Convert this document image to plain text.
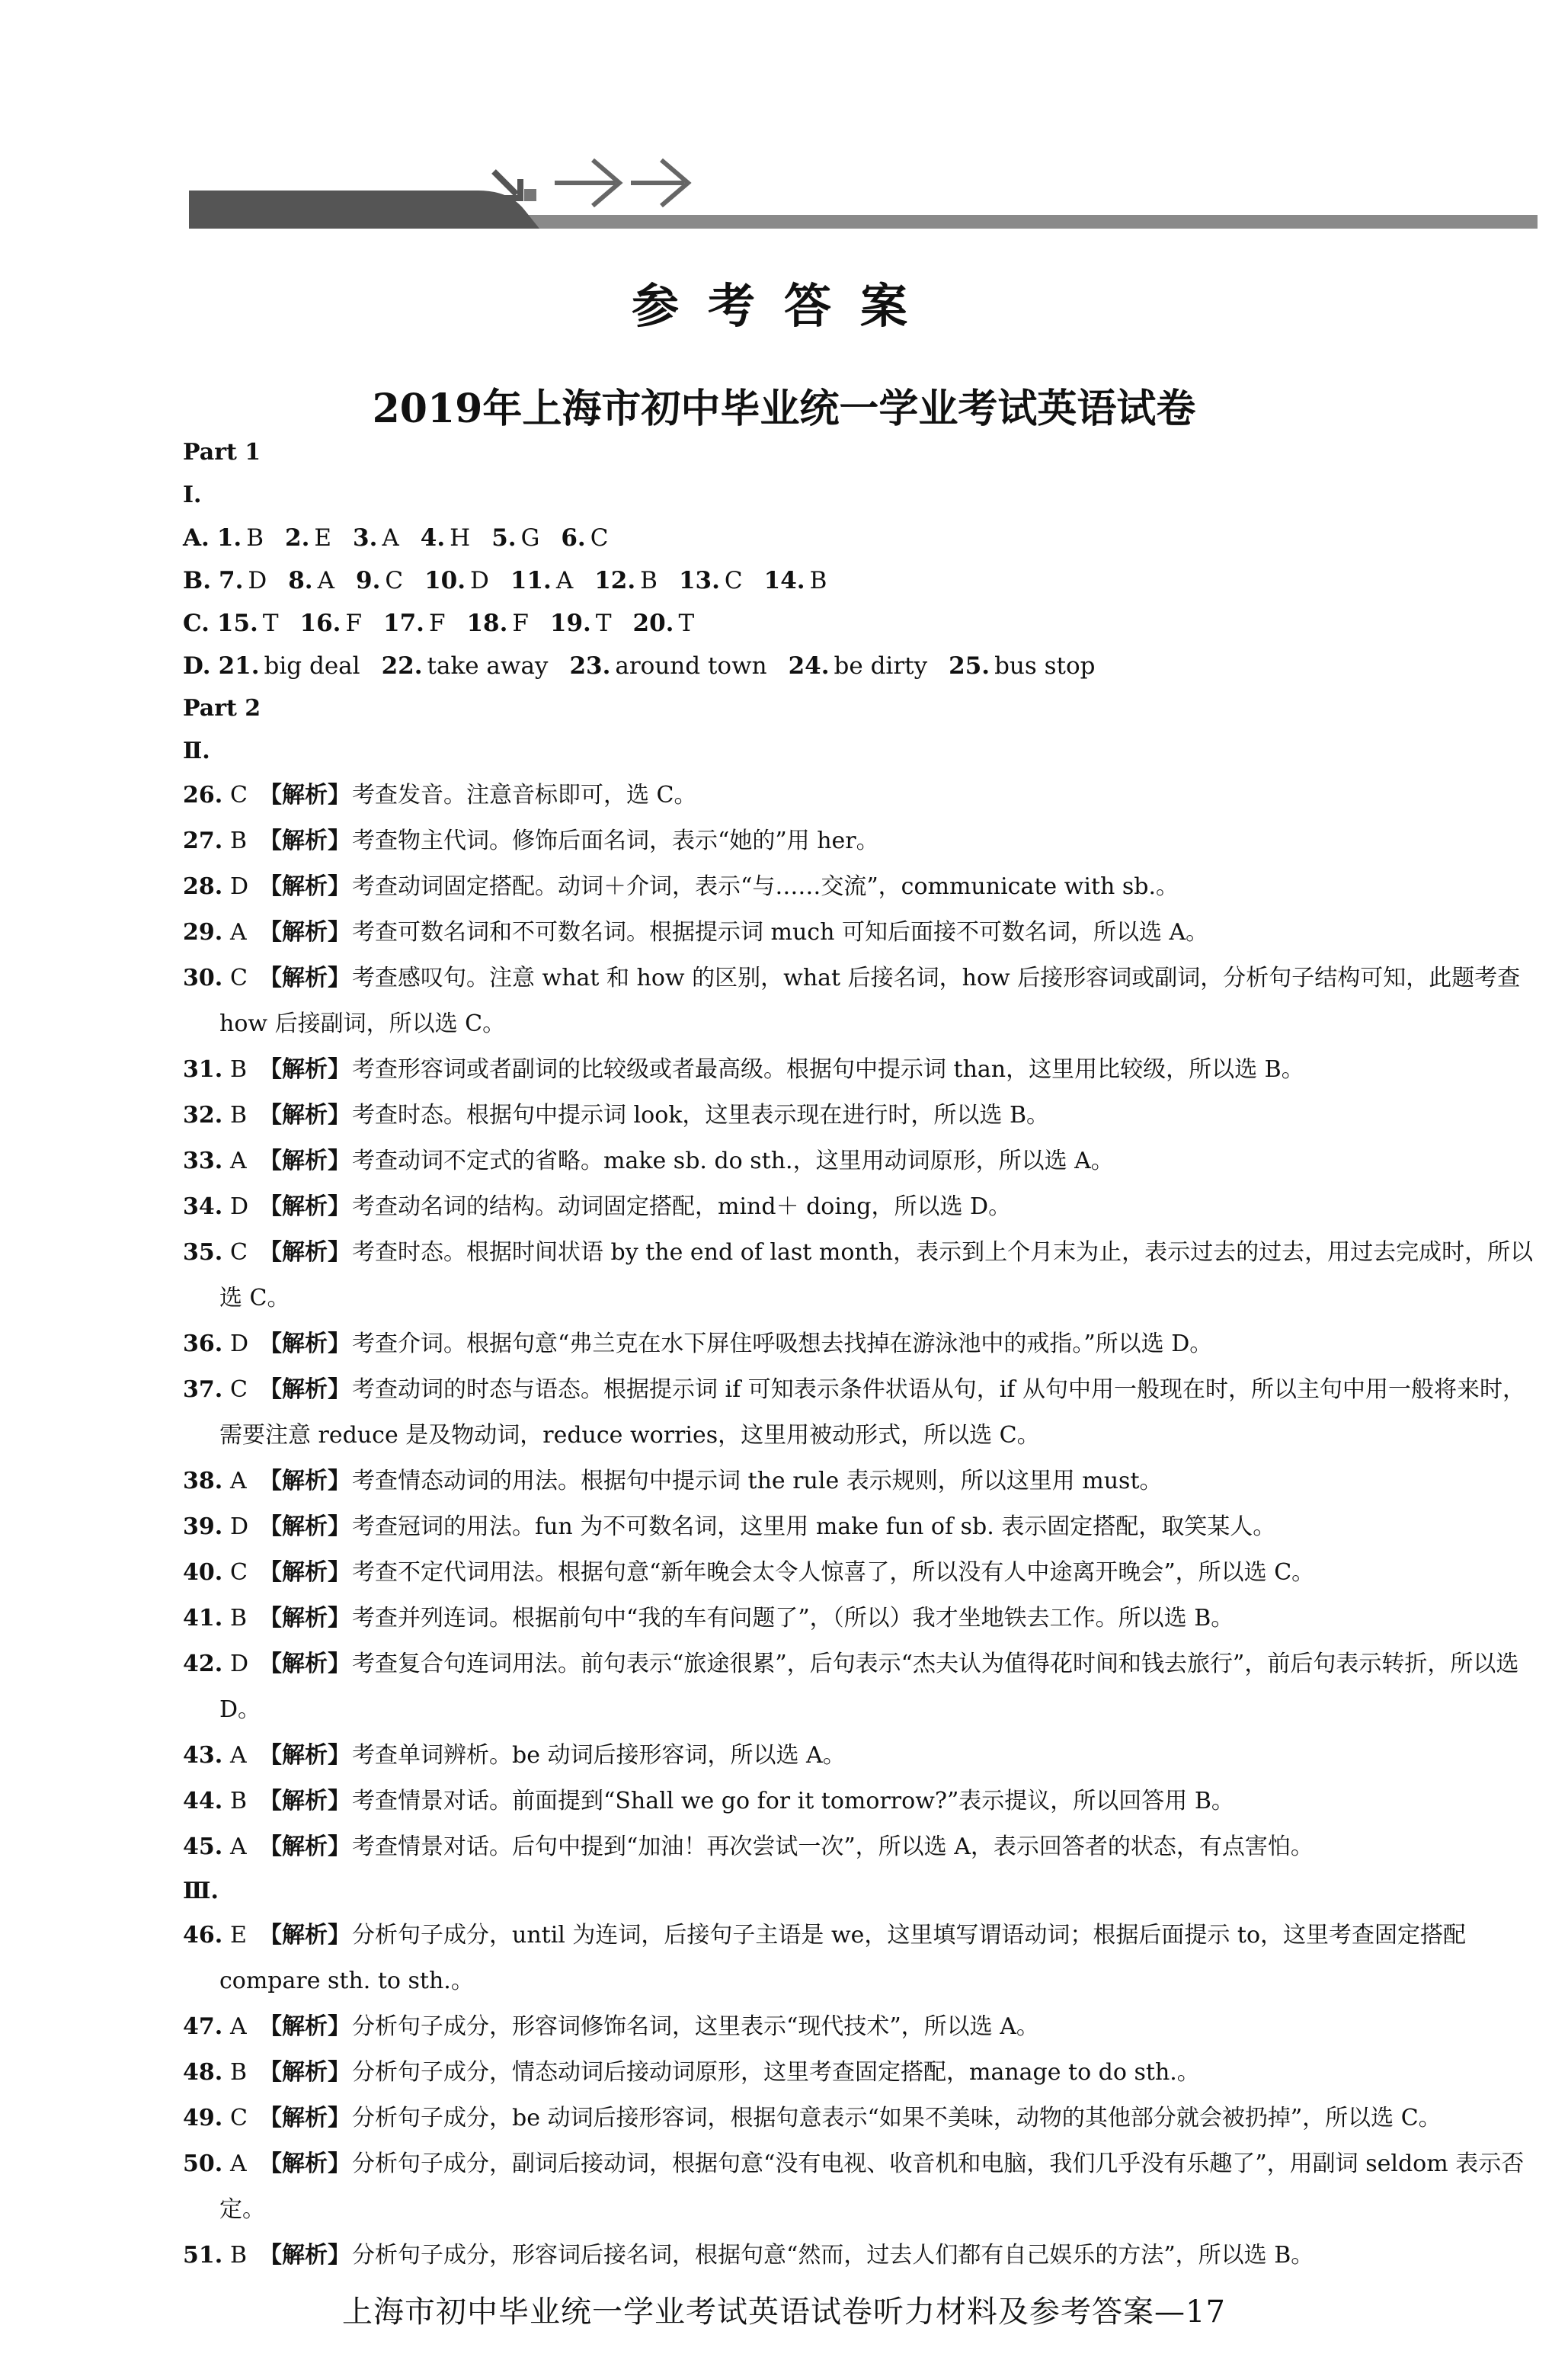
参考答案
2019年上海市初中毕业统一学业考试英语试卷
Part 1
Ⅰ.
A. 1. B 2. E 3. A 4. H 5. G 6. C
B. 7. D 8. A 9. C 10. D 11. A 12. B 13. C 14. B
C. 15. T 16. F 17. F 18. F 19. T 20. T
D. 21. big deal 22. take away 23. around town 24. be dirty 25. bus stop
Part 2
Ⅱ.
26. C 【解析】考查发音。注意音标即可，选 C。
27. B 【解析】考查物主代词。修饰后面名词，表示“她的”用 her。
28. D 【解析】考查动词固定搭配。动词＋介词，表示“与……交流”，communicate with sb.。
29. A 【解析】考查可数名词和不可数名词。根据提示词 much 可知后面接不可数名词，所以选 A。
30. C 【解析】考查感叹句。注意 what 和 how 的区别，what 后接名词，how 后接形容词或副词，分析句子结构可知，此题考查 how 后接副词，所以选 C。
31. B 【解析】考查形容词或者副词的比较级或者最高级。根据句中提示词 than，这里用比较级，所以选 B。
32. B 【解析】考查时态。根据句中提示词 look，这里表示现在进行时，所以选 B。
33. A 【解析】考查动词不定式的省略。make sb. do sth.，这里用动词原形，所以选 A。
34. D 【解析】考查动名词的结构。动词固定搭配，mind＋ doing，所以选 D。
35. C 【解析】考查时态。根据时间状语 by the end of last month，表示到上个月末为止，表示过去的过去，用过去完成时，所以选 C。
36. D 【解析】考查介词。根据句意“弗兰克在水下屏住呼吸想去找掉在游泳池中的戒指。”所以选 D。
37. C 【解析】考查动词的时态与语态。根据提示词 if 可知表示条件状语从句，if 从句中用一般现在时，所以主句中用一般将来时，需要注意 reduce 是及物动词，reduce worries，这里用被动形式，所以选 C。
38. A 【解析】考查情态动词的用法。根据句中提示词 the rule 表示规则，所以这里用 must。
39. D 【解析】考查冠词的用法。fun 为不可数名词，这里用 make fun of sb. 表示固定搭配，取笑某人。
40. C 【解析】考查不定代词用法。根据句意“新年晚会太令人惊喜了，所以没有人中途离开晚会”，所以选 C。
41. B 【解析】考查并列连词。根据前句中“我的车有问题了”，（所以）我才坐地铁去工作。所以选 B。
42. D 【解析】考查复合句连词用法。前句表示“旅途很累”，后句表示“杰夫认为值得花时间和钱去旅行”，前后句表示转折，所以选 D。
43. A 【解析】考查单词辨析。be 动词后接形容词，所以选 A。
44. B 【解析】考查情景对话。前面提到“Shall we go for it tomorrow?”表示提议，所以回答用 B。
45. A 【解析】考查情景对话。后句中提到“加油！再次尝试一次”，所以选 A，表示回答者的状态，有点害怕。
Ⅲ.
46. E 【解析】分析句子成分，until 为连词，后接句子主语是 we，这里填写谓语动词；根据后面提示 to，这里考查固定搭配 compare sth. to sth.。
47. A 【解析】分析句子成分，形容词修饰名词，这里表示“现代技术”，所以选 A。
48. B 【解析】分析句子成分，情态动词后接动词原形，这里考查固定搭配，manage to do sth.。
49. C 【解析】分析句子成分，be 动词后接形容词，根据句意表示“如果不美味，动物的其他部分就会被扔掉”，所以选 C。
50. A 【解析】分析句子成分，副词后接动词，根据句意“没有电视、收音机和电脑，我们几乎没有乐趣了”，用副词 seldom 表示否定。
51. B 【解析】分析句子成分，形容词后接名词，根据句意“然而，过去人们都有自己娱乐的方法”，所以选 B。
上海市初中毕业统一学业考试英语试卷听力材料及参考答案—17
